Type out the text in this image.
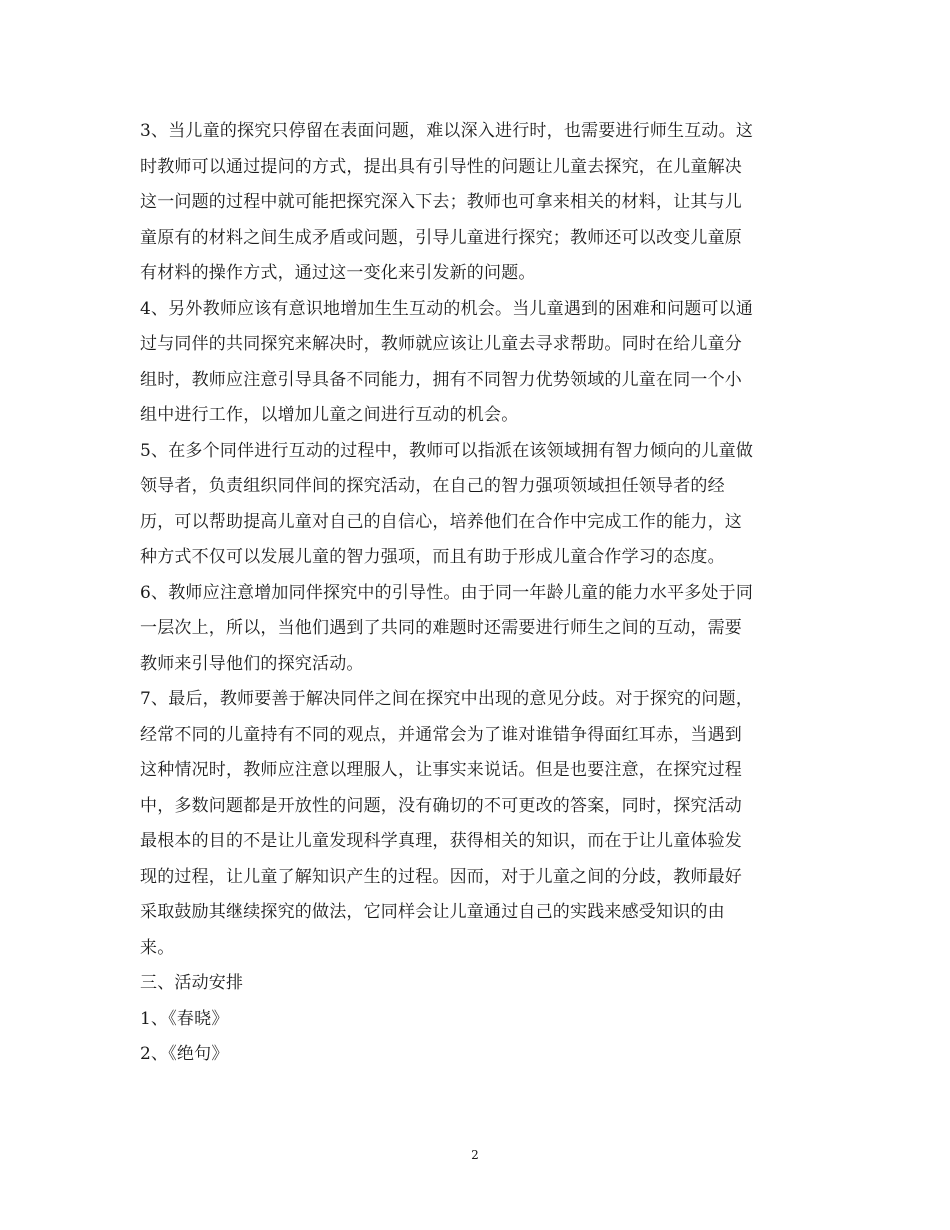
3、当儿童的探究只停留在表面问题，难以深入进行时，也需要进行师生互动。这
时教师可以通过提问的方式，提出具有引导性的问题让儿童去探究，在儿童解决
这一问题的过程中就可能把探究深入下去；教师也可拿来相关的材料，让其与儿
童原有的材料之间生成矛盾或问题，引导儿童进行探究；教师还可以改变儿童原
有材料的操作方式，通过这一变化来引发新的问题。

4、另外教师应该有意识地增加生生互动的机会。当儿童遇到的困难和问题可以通
过与同伴的共同探究来解决时，教师就应该让儿童去寻求帮助。同时在给儿童分
组时，教师应注意引导具备不同能力，拥有不同智力优势领域的儿童在同一个小
组中进行工作，以增加儿童之间进行互动的机会。

5、在多个同伴进行互动的过程中，教师可以指派在该领域拥有智力倾向的儿童做
领导者，负责组织同伴间的探究活动，在自己的智力强项领域担任领导者的经
历，可以帮助提高儿童对自己的自信心，培养他们在合作中完成工作的能力，这
种方式不仅可以发展儿童的智力强项，而且有助于形成儿童合作学习的态度。

6、教师应注意增加同伴探究中的引导性。由于同一年龄儿童的能力水平多处于同
一层次上，所以，当他们遇到了共同的难题时还需要进行师生之间的互动，需要
教师来引导他们的探究活动。

7、最后，教师要善于解决同伴之间在探究中出现的意见分歧。对于探究的问题，
经常不同的儿童持有不同的观点，并通常会为了谁对谁错争得面红耳赤，当遇到
这种情况时，教师应注意以理服人，让事实来说话。但是也要注意，在探究过程
中，多数问题都是开放性的问题，没有确切的不可更改的答案，同时，探究活动
最根本的目的不是让儿童发现科学真理，获得相关的知识，而在于让儿童体验发
现的过程，让儿童了解知识产生的过程。因而，对于儿童之间的分歧，教师最好
采取鼓励其继续探究的做法，它同样会让儿童通过自己的实践来感受知识的由
来。

三、活动安排

1、《春晓》

2、《绝句》

2
